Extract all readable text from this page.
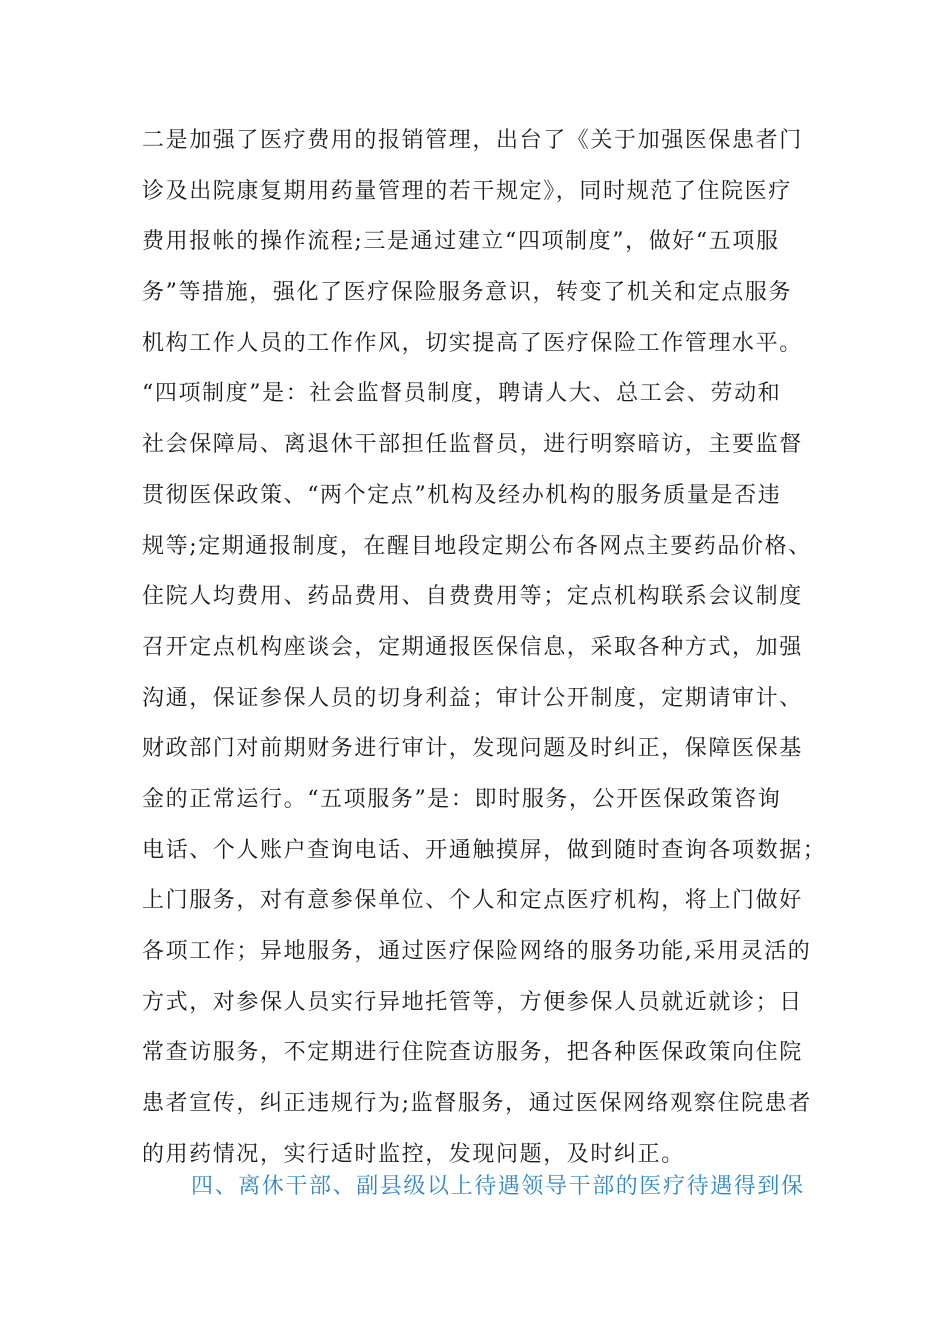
二是加强了医疗费用的报销管理，出台了《关于加强医保患者门
诊及出院康复期用药量管理的若干规定》，同时规范了住院医疗
费用报帐的操作流程;三是通过建立“四项制度”，做好“五项服
务”等措施，强化了医疗保险服务意识，转变了机关和定点服务
机构工作人员的工作作风，切实提高了医疗保险工作管理水平。
“四项制度”是：社会监督员制度，聘请人大、总工会、劳动和
社会保障局、离退休干部担任监督员，进行明察暗访，主要监督
贯彻医保政策、“两个定点”机构及经办机构的服务质量是否违
规等;定期通报制度，在醒目地段定期公布各网点主要药品价格、
住院人均费用、药品费用、自费费用等；定点机构联系会议制度
召开定点机构座谈会，定期通报医保信息，采取各种方式，加强
沟通，保证参保人员的切身利益；审计公开制度，定期请审计、
财政部门对前期财务进行审计，发现问题及时纠正，保障医保基
金的正常运行。“五项服务”是：即时服务，公开医保政策咨询
电话、个人账户查询电话、开通触摸屏，做到随时查询各项数据；
上门服务，对有意参保单位、个人和定点医疗机构，将上门做好
各项工作；异地服务，通过医疗保险网络的服务功能,采用灵活的
方式，对参保人员实行异地托管等，方便参保人员就近就诊；日
常查访服务，不定期进行住院查访服务，把各种医保政策向住院
患者宣传，纠正违规行为;监督服务，通过医保网络观察住院患者
的用药情况，实行适时监控，发现问题，及时纠正。
四、离休干部、副县级以上待遇领导干部的医疗待遇得到保
